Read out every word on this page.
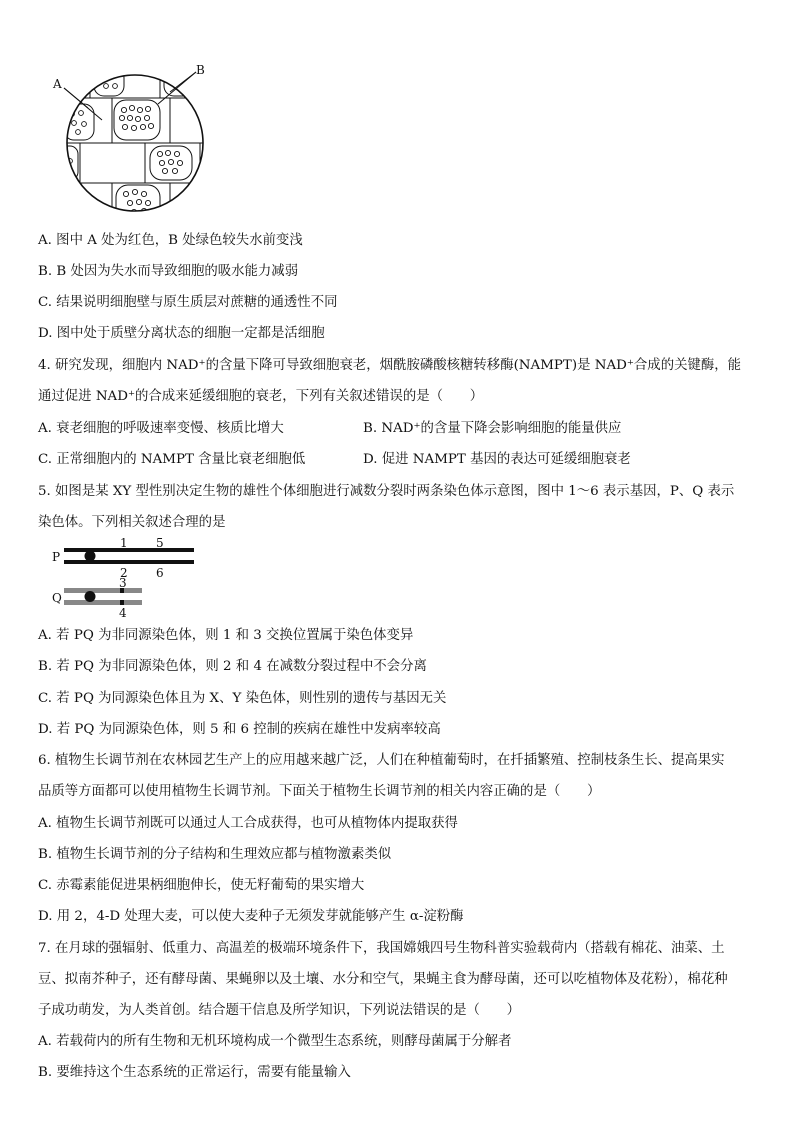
A
B
A. 图中 A 处为红色，B 处绿色较失水前变浅
B. B 处因为失水而导致细胞的吸水能力减弱
C. 结果说明细胞壁与原生质层对蔗糖的通透性不同
D. 图中处于质壁分离状态的细胞一定都是活细胞
4. 研究发现，细胞内 NAD⁺的含量下降可导致细胞衰老，烟酰胺磷酸核糖转移酶(NAMPT)是 NAD⁺合成的关键酶，能
通过促进 NAD⁺的合成来延缓细胞的衰老，下列有关叙述错误的是（　　）
A. 衰老细胞的呼吸速率变慢、核质比增大	B. NAD⁺的含量下降会影响细胞的能量供应
C. 正常细胞内的 NAMPT 含量比衰老细胞低	D. 促进 NAMPT 基因的表达可延缓细胞衰老
5. 如图是某 XY 型性别决定生物的雄性个体细胞进行减数分裂时两条染色体示意图，图中 1～6 表示基因，P、Q 表示
染色体。下列相关叙述合理的是
P
Q
1 5
2 6
3
4
A. 若 PQ 为非同源染色体，则 1 和 3 交换位置属于染色体变异
B. 若 PQ 为非同源染色体，则 2 和 4 在减数分裂过程中不会分离
C. 若 PQ 为同源染色体且为 X、Y 染色体，则性别的遗传与基因无关
D. 若 PQ 为同源染色体，则 5 和 6 控制的疾病在雄性中发病率较高
6. 植物生长调节剂在农林园艺生产上的应用越来越广泛，人们在种植葡萄时，在扦插繁殖、控制枝条生长、提高果实
品质等方面都可以使用植物生长调节剂。下面关于植物生长调节剂的相关内容正确的是（　　）
A. 植物生长调节剂既可以通过人工合成获得，也可从植物体内提取获得
B. 植物生长调节剂的分子结构和生理效应都与植物激素类似
C. 赤霉素能促进果柄细胞伸长，使无籽葡萄的果实增大
D. 用 2，4-D 处理大麦，可以使大麦种子无须发芽就能够产生 α-淀粉酶
7. 在月球的强辐射、低重力、高温差的极端环境条件下，我国嫦娥四号生物科普实验载荷内（搭载有棉花、油菜、土
豆、拟南芥种子，还有酵母菌、果蝇卵以及土壤、水分和空气，果蝇主食为酵母菌，还可以吃植物体及花粉），棉花种
子成功萌发，为人类首创。结合题干信息及所学知识，下列说法错误的是（　　）
A. 若载荷内的所有生物和无机环境构成一个微型生态系统，则酵母菌属于分解者
B. 要维持这个生态系统的正常运行，需要有能量输入
